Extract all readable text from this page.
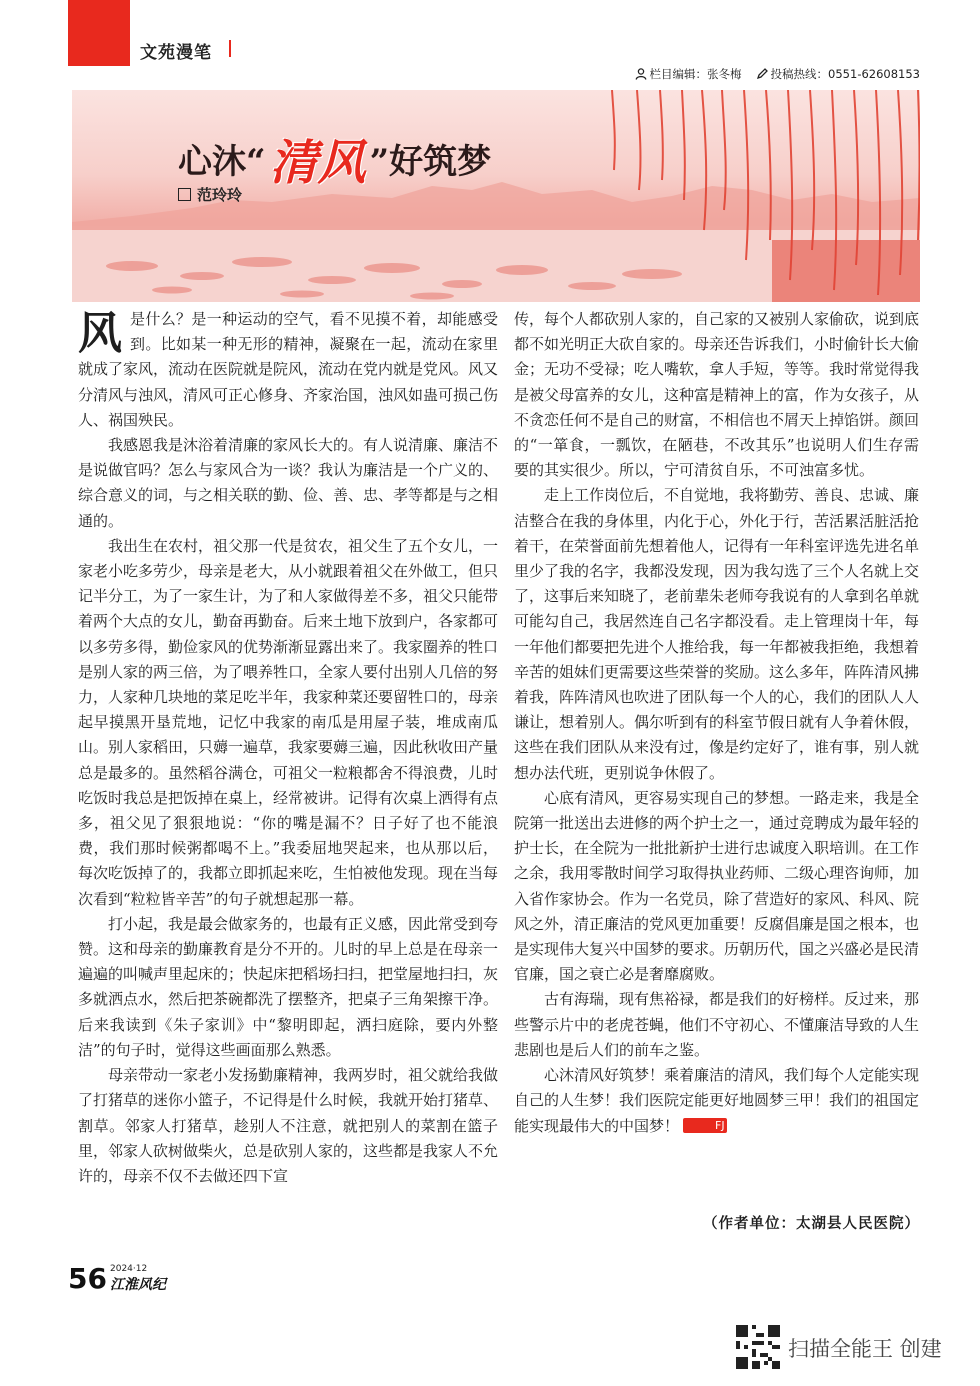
文苑漫笔
栏目编辑：张冬梅	投稿热线：0551-62608153
心沐“ 清风 ”好筑梦
范玲玲

风是什么？是一种运动的空气，看不见摸不着，却能感受到。比如某一种无形的精神，凝聚在一起，流动在家里就成了家风，流动在医院就是院风，流动在党内就是党风。风又分清风与浊风，清风可正心修身、齐家治国，浊风如蛊可损己伤人、祸国殃民。

我感恩我是沐浴着清廉的家风长大的。有人说清廉、廉洁不是说做官吗？怎么与家风合为一谈？我认为廉洁是一个广义的、综合意义的词，与之相关联的勤、俭、善、忠、孝等都是与之相通的。

我出生在农村，祖父那一代是贫农，祖父生了五个女儿，一家老小吃多劳少，母亲是老大，从小就跟着祖父在外做工，但只记半分工，为了一家生计，为了和人家做得差不多，祖父只能带着两个大点的女儿，勤奋再勤奋。后来土地下放到户，各家都可以多劳多得，勤俭家风的优势渐渐显露出来了。我家圈养的牲口是别人家的两三倍，为了喂养牲口，全家人要付出别人几倍的努力，人家种几块地的菜足吃半年，我家种菜还要留牲口的，母亲起早摸黑开垦荒地，记忆中我家的南瓜是用屋子装，堆成南瓜山。别人家稻田，只薅一遍草，我家要薅三遍，因此秋收田产量总是最多的。虽然稻谷满仓，可祖父一粒粮都舍不得浪费，儿时吃饭时我总是把饭掉在桌上，经常被讲。记得有次桌上洒得有点多，祖父见了狠狠地说：“你的嘴是漏不？日子好了也不能浪费，我们那时候粥都喝不上。”我委屈地哭起来，也从那以后，每次吃饭掉了的，我都立即抓起来吃，生怕被他发现。现在当每次看到“粒粒皆辛苦”的句子就想起那一幕。

打小起，我是最会做家务的，也最有正义感，因此常受到夸赞。这和母亲的勤廉教育是分不开的。儿时的早上总是在母亲一遍遍的叫喊声里起床的；快起床把稻场扫扫，把堂屋地扫扫，灰多就洒点水，然后把茶碗都洗了摆整齐，把桌子三角架擦干净。后来我读到《朱子家训》中“黎明即起，洒扫庭除，要内外整洁”的句子时，觉得这些画面那么熟悉。

母亲带动一家老小发扬勤廉精神，我两岁时，祖父就给我做了打猪草的迷你小篮子，不记得是什么时候，我就开始打猪草、割草。邻家人打猪草，趁别人不注意，就把别人的菜割在篮子里，邻家人砍树做柴火，总是砍别人家的，这些都是我家人不允许的，母亲不仅不去做还四下宣

传，每个人都砍别人家的，自己家的又被别人家偷砍，说到底都不如光明正大砍自家的。母亲还告诉我们，小时偷针长大偷金；无功不受禄；吃人嘴软，拿人手短，等等。我时常觉得我是被父母富养的女儿，这种富是精神上的富，作为女孩子，从不贪恋任何不是自己的财富，不相信也不屑天上掉馅饼。颜回的“一箪食，一瓢饮，在陋巷，不改其乐”也说明人们生存需要的其实很少。所以，宁可清贫自乐，不可浊富多忧。

走上工作岗位后，不自觉地，我将勤劳、善良、忠诚、廉洁整合在我的身体里，内化于心，外化于行，苦活累活脏活抢着干，在荣誉面前先想着他人，记得有一年科室评选先进名单里少了我的名字，我都没发现，因为我勾选了三个人名就上交了，这事后来知晓了，老前辈朱老师夸我说有的人拿到名单就可能勾自己，我居然连自己名字都没看。走上管理岗十年，每一年他们都要把先进个人推给我，每一年都被我拒绝，我想着辛苦的姐妹们更需要这些荣誉的奖励。这么多年，阵阵清风拂着我，阵阵清风也吹进了团队每一个人的心，我们的团队人人谦让，想着别人。偶尔听到有的科室节假日就有人争着休假，这些在我们团队从来没有过，像是约定好了，谁有事，别人就想办法代班，更别说争休假了。

心底有清风，更容易实现自己的梦想。一路走来，我是全院第一批送出去进修的两个护士之一，通过竞聘成为最年轻的护士长，在全院为一批批新护士进行忠诚度入职培训。在工作之余，我用零散时间学习取得执业药师、二级心理咨询师，加入省作家协会。作为一名党员，除了营造好的家风、科风、院风之外，清正廉洁的党风更加重要！反腐倡廉是国之根本，也是实现伟大复兴中国梦的要求。历朝历代，国之兴盛必是民清官廉，国之衰亡必是奢靡腐败。

古有海瑞，现有焦裕禄，都是我们的好榜样。反过来，那些警示片中的老虎苍蝇，他们不守初心、不懂廉洁导致的人生悲剧也是后人们的前车之鉴。

心沐清风好筑梦！乘着廉洁的清风，我们每个人定能实现自己的人生梦！我们医院定能更好地圆梦三甲！我们的祖国定能实现最伟大的中国梦！	FJ

（作者单位：太湖县人民医院）
56 2024·12
江淮风纪
扫描全能王 创建
